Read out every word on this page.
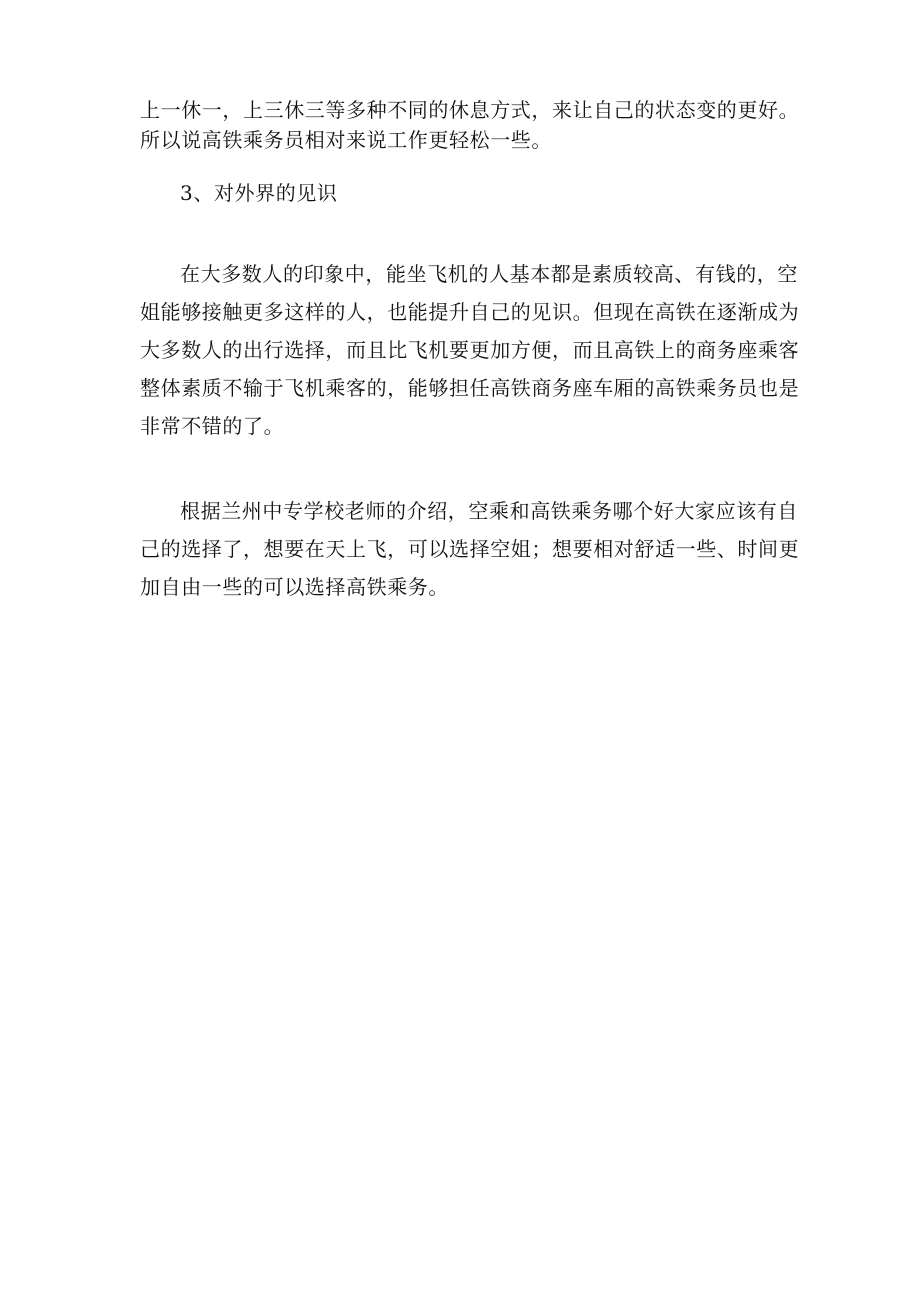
上一休一，上三休三等多种不同的休息方式，来让自己的状态变的更好。
所以说高铁乘务员相对来说工作更轻松一些。
3、对外界的见识
在大多数人的印象中，能坐飞机的人基本都是素质较高、有钱的，空
姐能够接触更多这样的人，也能提升自己的见识。但现在高铁在逐渐成为
大多数人的出行选择，而且比飞机要更加方便，而且高铁上的商务座乘客
整体素质不输于飞机乘客的，能够担任高铁商务座车厢的高铁乘务员也是
非常不错的了。
根据兰州中专学校老师的介绍，空乘和高铁乘务哪个好大家应该有自
己的选择了，想要在天上飞，可以选择空姐；想要相对舒适一些、时间更
加自由一些的可以选择高铁乘务。
